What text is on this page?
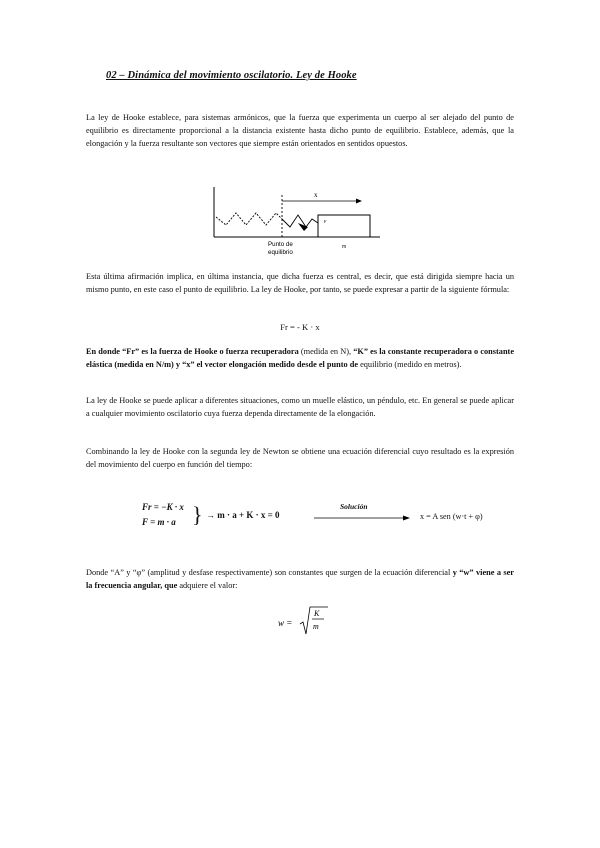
02 – Dinámica del movimiento oscilatorio. Ley de Hooke

La ley de Hooke establece, para sistemas armónicos, que la fuerza que experimenta un cuerpo al ser alejado del punto de equilibrio es directamente proporcional a la distancia existente hasta dicho punto de equilibrio. Establece, además, que la elongación y la fuerza resultante son vectores que siempre están orientados en sentidos opuestos.

x
F
Punto de
equilibrio
m

Esta última afirmación implica, en última instancia, que dicha fuerza es central, es decir, que está dirigida siempre hacia un mismo punto, en este caso el punto de equilibrio. La ley de Hooke, por tanto, se puede expresar a partir de la siguiente fórmula:

Fr = - K · x

En donde “Fr” es la fuerza de Hooke o fuerza recuperadora (medida en N), “K” es la constante recuperadora o constante elástica (medida en N/m) y “x” el vector elongación medido desde el punto de equilibrio (medido en metros).

La ley de Hooke se puede aplicar a diferentes situaciones, como un muelle elástico, un péndulo, etc. En general se puede aplicar a cualquier movimiento oscilatorio cuya fuerza dependa directamente de la elongación.

Combinando la ley de Hooke con la segunda ley de Newton se obtiene una ecuación diferencial cuyo resultado es la expresión del movimiento del cuerpo en función del tiempo:

Fr = −K · x
F = m · a } → m · a + K · x = 0
Solución
x = A sen (w·t + φ)

Donde “A” y “φ” (amplitud y desfase respectivamente) son constantes que surgen de la ecuación diferencial y “w” viene a ser la frecuencia angular, que adquiere el valor:

w =
K
m
